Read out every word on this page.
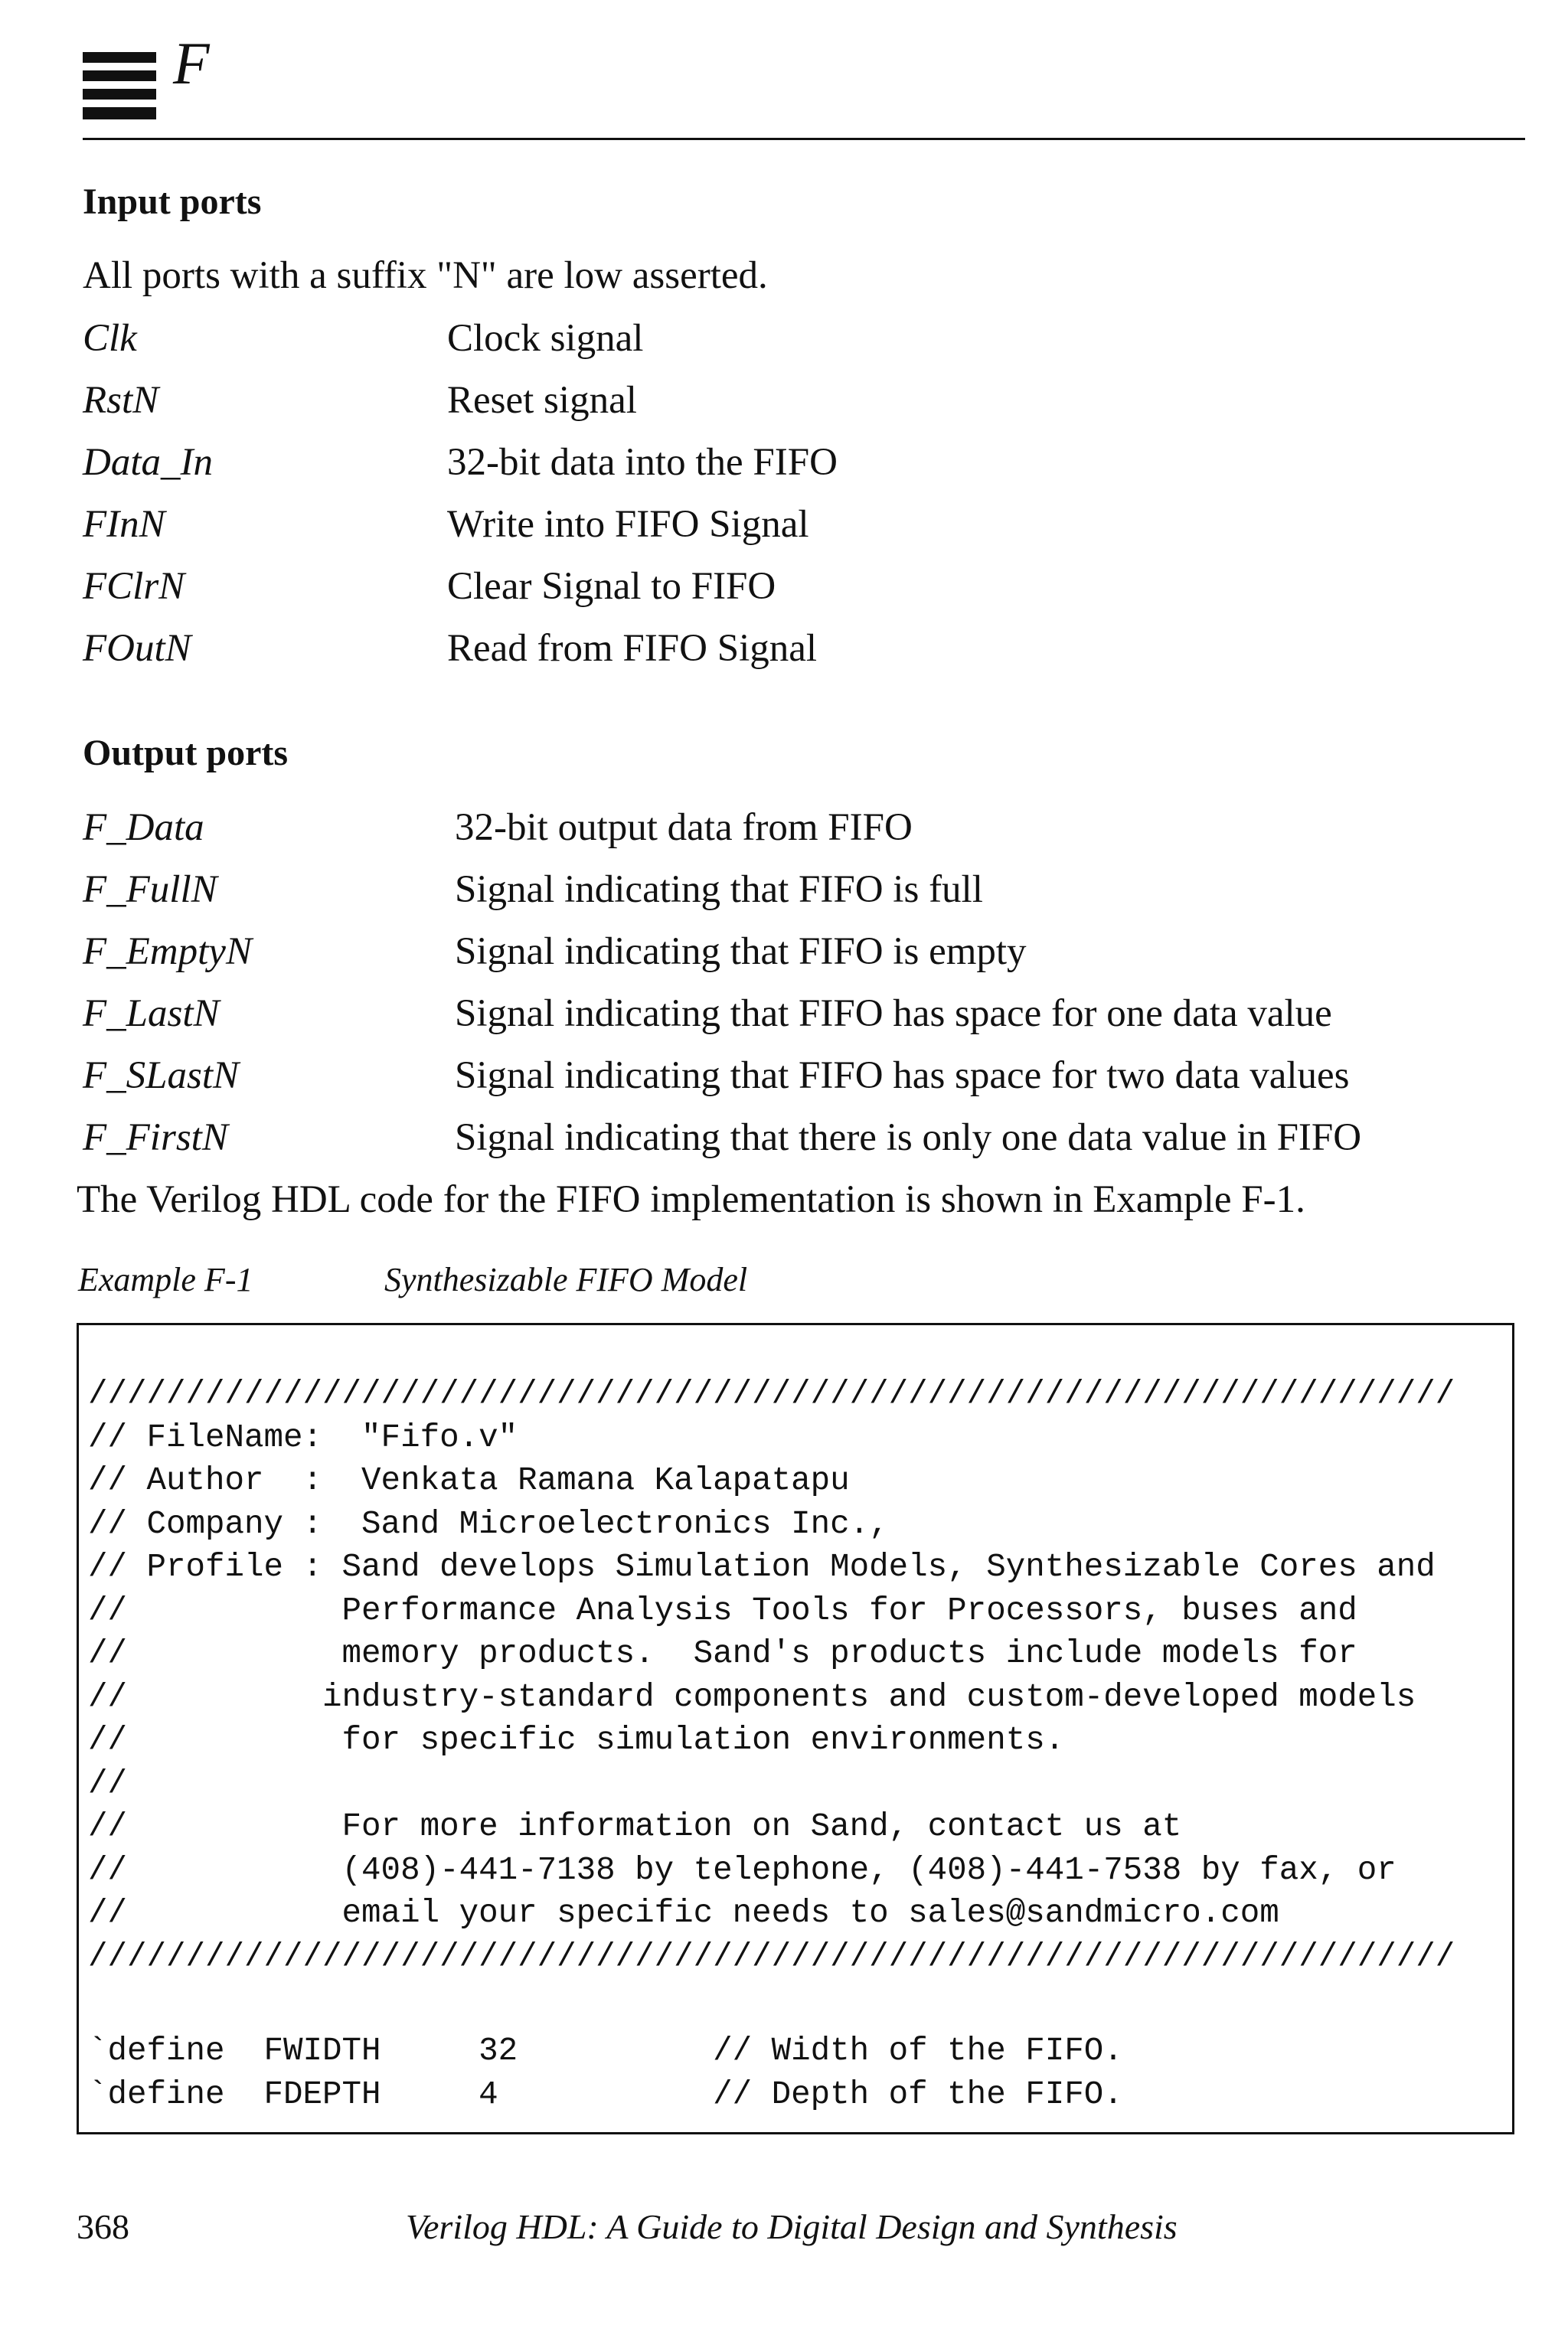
F
Input ports
All ports with a suffix "N" are low asserted.
Clk	Clock signal
RstN	Reset signal
Data_In	32-bit data into the FIFO
FInN	Write into FIFO Signal
FClrN	Clear Signal to FIFO
FOutN	Read from FIFO Signal
Output ports
F_Data	32-bit output data from FIFO
F_FullN	Signal indicating that FIFO is full
F_EmptyN	Signal indicating that FIFO is empty
F_LastN	Signal indicating that FIFO has space for one data value
F_SLastN	Signal indicating that FIFO has space for two data values
F_FirstN	Signal indicating that there is only one data value in FIFO
The Verilog HDL code for the FIFO implementation is shown in Example F-1.
Example F-1	Synthesizable FIFO Model
//////////////////////////////////////////////////////////////////////
// FileName:  "Fifo.v"
// Author  :  Venkata Ramana Kalapatapu
// Company :  Sand Microelectronics Inc.,
// Profile : Sand develops Simulation Models, Synthesizable Cores and
//           Performance Analysis Tools for Processors, buses and
//           memory products.  Sand's products include models for
//          industry-standard components and custom-developed models
//           for specific simulation environments.
//
//           For more information on Sand, contact us at
//           (408)-441-7138 by telephone, (408)-441-7538 by fax, or
//           email your specific needs to sales@sandmicro.com
//////////////////////////////////////////////////////////////////////
`define  FWIDTH     32          // Width of the FIFO.
`define  FDEPTH     4           // Depth of the FIFO.
368	Verilog HDL: A Guide to Digital Design and Synthesis
